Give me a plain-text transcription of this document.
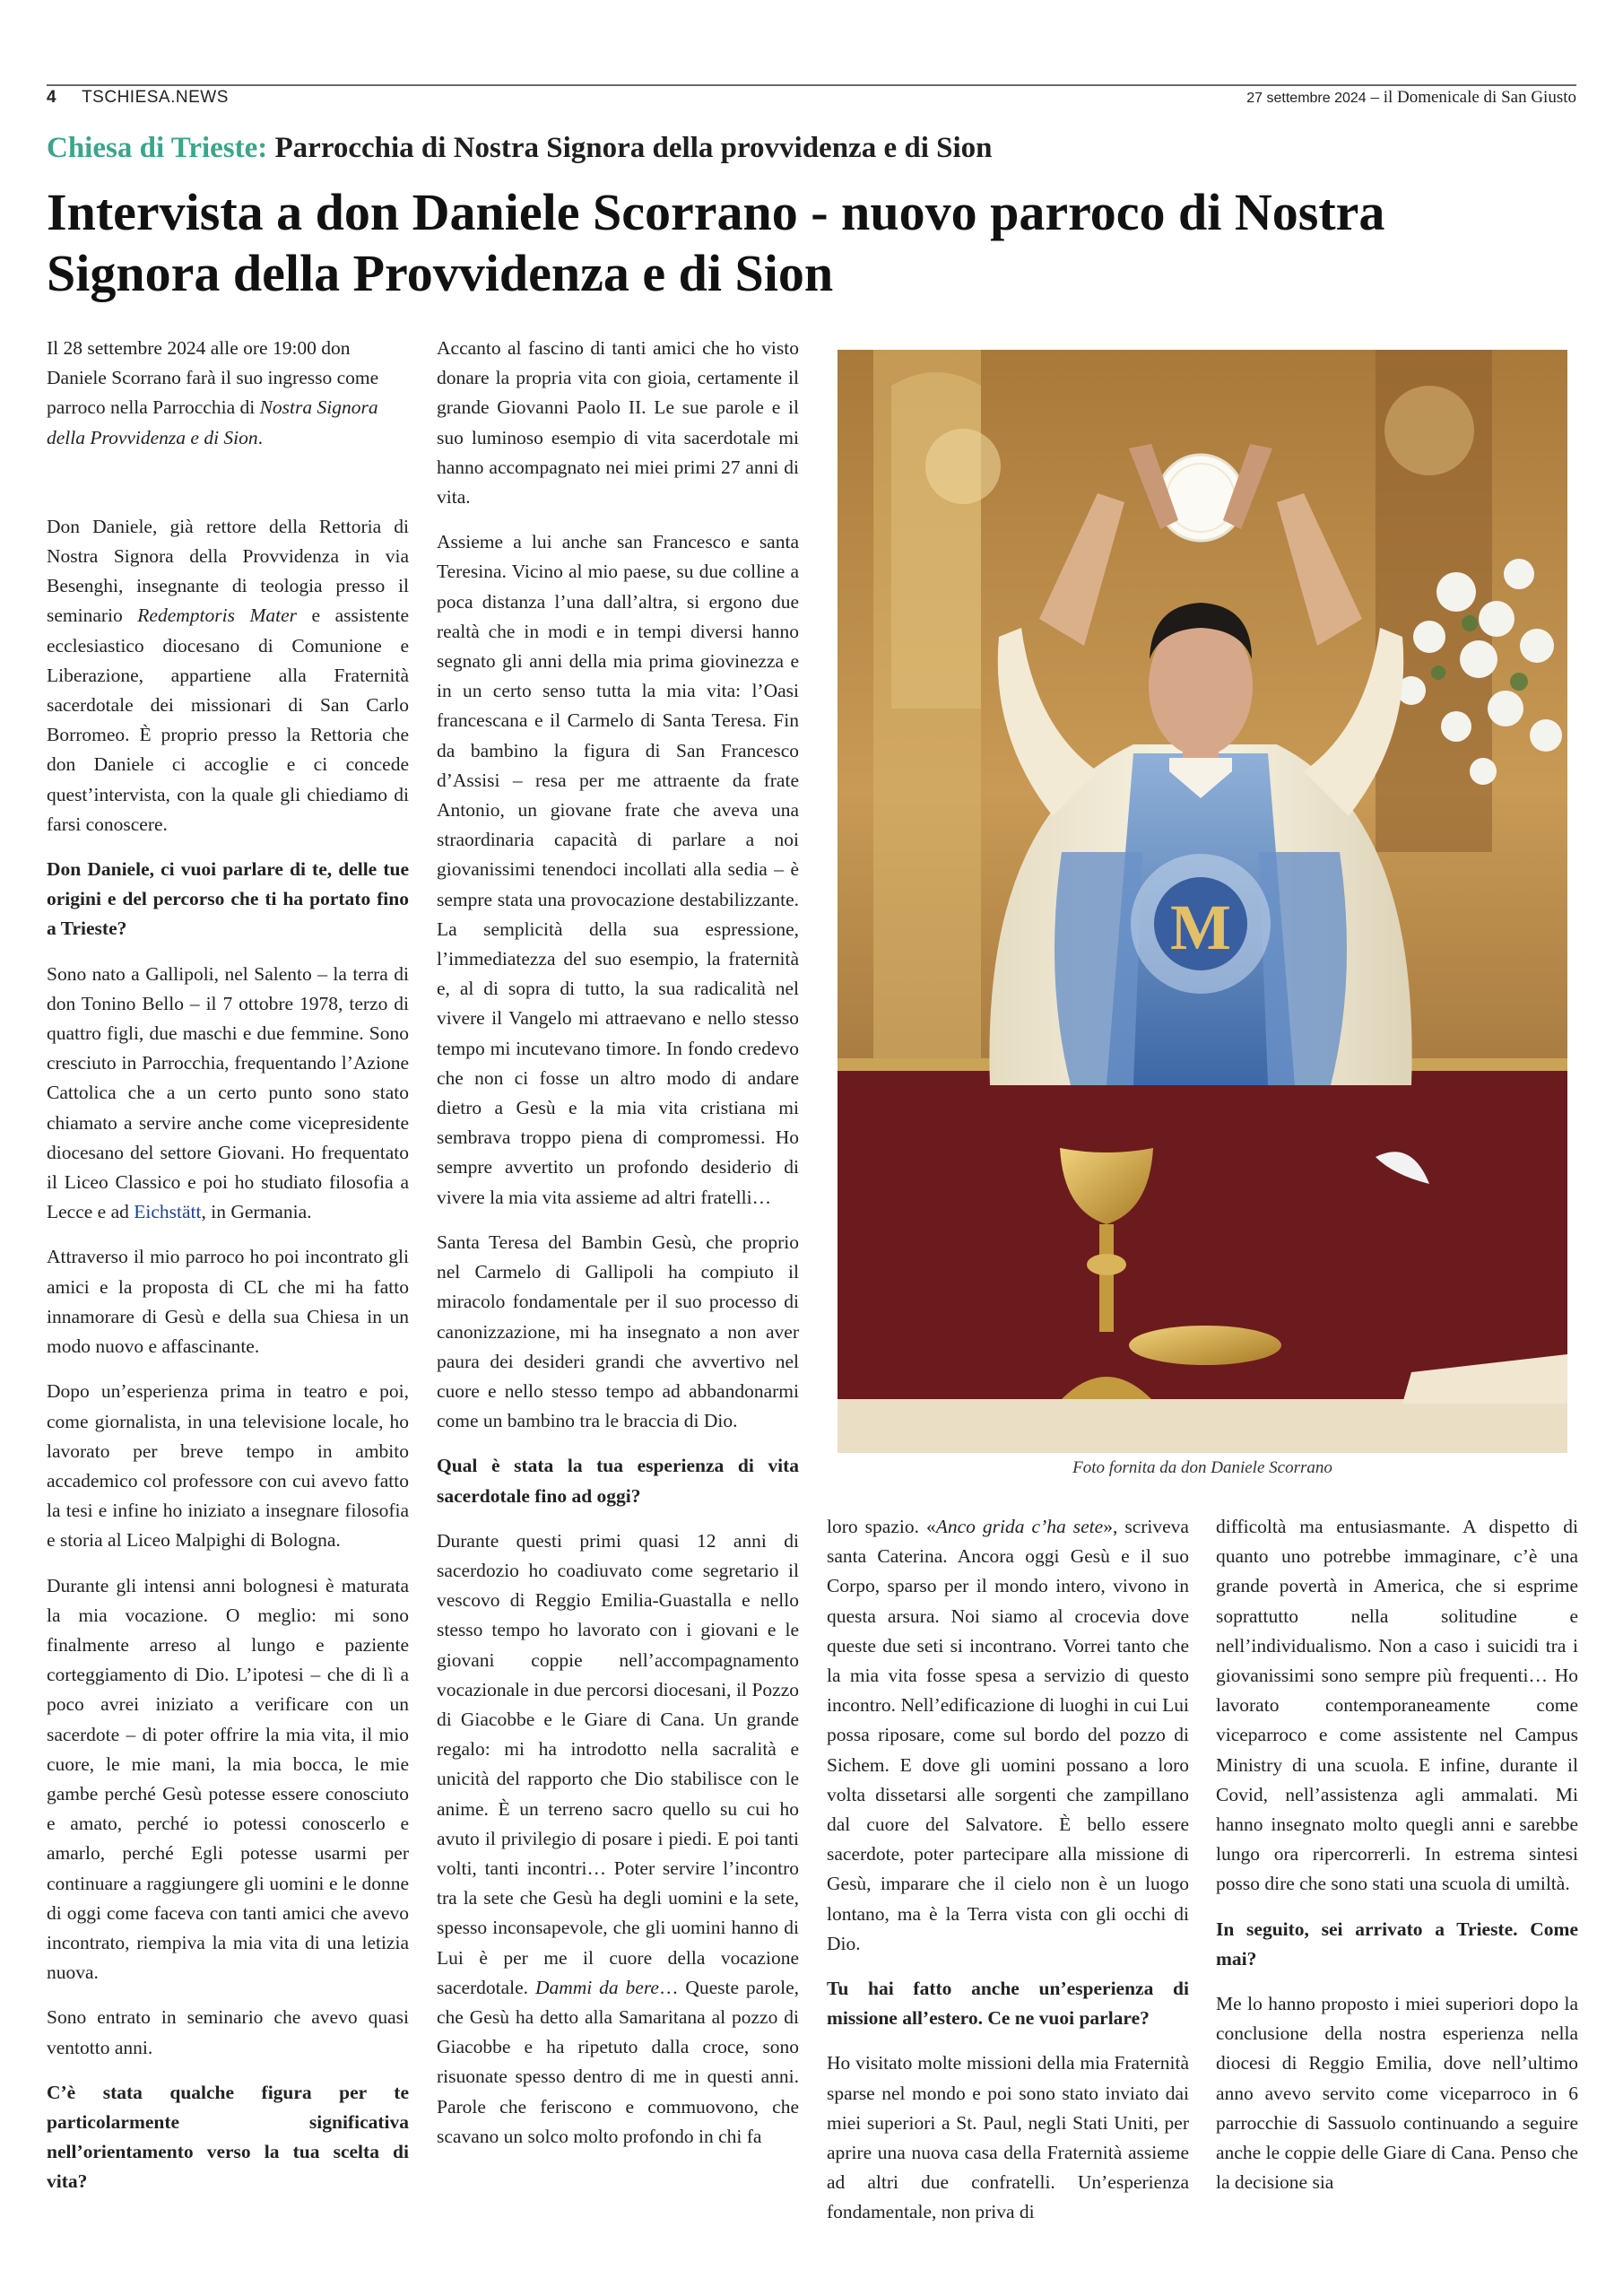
4 TSCHIESA.NEWS	27 settembre 2024 – il Domenicale di San Giusto
Chiesa di Trieste: Parrocchia di Nostra Signora della provvidenza e di Sion
Intervista a don Daniele Scorrano - nuovo parroco di Nostra
Signora della Provvidenza e di Sion

Il 28 settembre 2024 alle ore 19:00 don Daniele Scorrano farà il suo ingresso come parroco nella Parrocchia di Nostra Signora della Provvidenza e di Sion.

Don Daniele, già rettore della Rettoria di Nostra Signora della Provvidenza in via Besenghi, insegnante di teologia presso il seminario Redemptoris Mater e assistente ecclesiastico diocesano di Comunione e Liberazione, appartiene alla Fraternità sacerdotale dei missionari di San Carlo Borromeo. È proprio presso la Rettoria che don Daniele ci accoglie e ci concede quest’intervista, con la quale gli chiediamo di farsi conoscere.

Don Daniele, ci vuoi parlare di te, delle tue origini e del percorso che ti ha portato fino a Trieste?

Sono nato a Gallipoli, nel Salento – la terra di don Tonino Bello – il 7 ottobre 1978, terzo di quattro figli, due maschi e due femmine. Sono cresciuto in Parrocchia, frequentando l’Azione Cattolica che a un certo punto sono stato chiamato a servire anche come vicepresidente diocesano del settore Giovani. Ho frequentato il Liceo Classico e poi ho studiato filosofia a Lecce e ad Eichstätt, in Germania.

Attraverso il mio parroco ho poi incontrato gli amici e la proposta di CL che mi ha fatto innamorare di Gesù e della sua Chiesa in un modo nuovo e affascinante.

Dopo un’esperienza prima in teatro e poi, come giornalista, in una televisione locale, ho lavorato per breve tempo in ambito accademico col professore con cui avevo fatto la tesi e infine ho iniziato a insegnare filosofia e storia al Liceo Malpighi di Bologna.

Durante gli intensi anni bolognesi è maturata la mia vocazione. O meglio: mi sono finalmente arreso al lungo e paziente corteggiamento di Dio. L’ipotesi – che di lì a poco avrei iniziato a verificare con un sacerdote – di poter offrire la mia vita, il mio cuore, le mie mani, la mia bocca, le mie gambe perché Gesù potesse essere conosciuto e amato, perché io potessi conoscerlo e amarlo, perché Egli potesse usarmi per continuare a raggiungere gli uomini e le donne di oggi come faceva con tanti amici che avevo incontrato, riempiva la mia vita di una letizia nuova.

Sono entrato in seminario che avevo quasi ventotto anni.

C’è stata qualche figura per te particolarmente significativa nell’orientamento verso la tua scelta di vita?

Accanto al fascino di tanti amici che ho visto donare la propria vita con gioia, certamente il grande Giovanni Paolo II. Le sue parole e il suo luminoso esempio di vita sacerdotale mi hanno accompagnato nei miei primi 27 anni di vita.

Assieme a lui anche san Francesco e santa Teresina. Vicino al mio paese, su due colline a poca distanza l’una dall’altra, si ergono due realtà che in modi e in tempi diversi hanno segnato gli anni della mia prima giovinezza e in un certo senso tutta la mia vita: l’Oasi francescana e il Carmelo di Santa Teresa. Fin da bambino la figura di San Francesco d’Assisi – resa per me attraente da frate Antonio, un giovane frate che aveva una straordinaria capacità di parlare a noi giovanissimi tenendoci incollati alla sedia – è sempre stata una provocazione destabilizzante. La semplicità della sua espressione, l’immediatezza del suo esempio, la fraternità e, al di sopra di tutto, la sua radicalità nel vivere il Vangelo mi attraevano e nello stesso tempo mi incutevano timore. In fondo credevo che non ci fosse un altro modo di andare dietro a Gesù e la mia vita cristiana mi sembrava troppo piena di compromessi. Ho sempre avvertito un profondo desiderio di vivere la mia vita assieme ad altri fratelli…

Santa Teresa del Bambin Gesù, che proprio nel Carmelo di Gallipoli ha compiuto il miracolo fondamentale per il suo processo di canonizzazione, mi ha insegnato a non aver paura dei desideri grandi che avvertivo nel cuore e nello stesso tempo ad abbandonarmi come un bambino tra le braccia di Dio.

Qual è stata la tua esperienza di vita sacerdotale fino ad oggi?

Durante questi primi quasi 12 anni di sacerdozio ho coadiuvato come segretario il vescovo di Reggio Emilia-Guastalla e nello stesso tempo ho lavorato con i giovani e le giovani coppie nell’accompagnamento vocazionale in due percorsi diocesani, il Pozzo di Giacobbe e le Giare di Cana. Un grande regalo: mi ha introdotto nella sacralità e unicità del rapporto che Dio stabilisce con le anime. È un terreno sacro quello su cui ho avuto il privilegio di posare i piedi. E poi tanti volti, tanti incontri… Poter servire l’incontro tra la sete che Gesù ha degli uomini e la sete, spesso inconsapevole, che gli uomini hanno di Lui è per me il cuore della vocazione sacerdotale. Dammi da bere… Queste parole, che Gesù ha detto alla Samaritana al pozzo di Giacobbe e ha ripetuto dalla croce, sono risuonate spesso dentro di me in questi anni. Parole che feriscono e commuovono, che scavano un solco molto profondo in chi fa

M
Foto fornita da don Daniele Scorrano

loro spazio. «Anco grida c’ha sete», scriveva santa Caterina. Ancora oggi Gesù e il suo Corpo, sparso per il mondo intero, vivono in questa arsura. Noi siamo al crocevia dove queste due seti si incontrano. Vorrei tanto che la mia vita fosse spesa a servizio di questo incontro. Nell’edificazione di luoghi in cui Lui possa riposare, come sul bordo del pozzo di Sichem. E dove gli uomini possano a loro volta dissetarsi alle sorgenti che zampillano dal cuore del Salvatore. È bello essere sacerdote, poter partecipare alla missione di Gesù, imparare che il cielo non è un luogo lontano, ma è la Terra vista con gli occhi di Dio.

Tu hai fatto anche un’esperienza di missione all’estero. Ce ne vuoi parlare?

Ho visitato molte missioni della mia Fraternità sparse nel mondo e poi sono stato inviato dai miei superiori a St. Paul, negli Stati Uniti, per aprire una nuova casa della Fraternità assieme ad altri due confratelli. Un’esperienza fondamentale, non priva di

difficoltà ma entusiasmante. A dispetto di quanto uno potrebbe immaginare, c’è una grande povertà in America, che si esprime soprattutto nella solitudine e nell’individualismo. Non a caso i suicidi tra i giovanissimi sono sempre più frequenti… Ho lavorato contemporaneamente come viceparroco e come assistente nel Campus Ministry di una scuola. E infine, durante il Covid, nell’assistenza agli ammalati. Mi hanno insegnato molto quegli anni e sarebbe lungo ora ripercorrerli. In estrema sintesi posso dire che sono stati una scuola di umiltà.

In seguito, sei arrivato a Trieste. Come mai?

Me lo hanno proposto i miei superiori dopo la conclusione della nostra esperienza nella diocesi di Reggio Emilia, dove nell’ultimo anno avevo servito come viceparroco in 6 parrocchie di Sassuolo continuando a seguire anche le coppie delle Giare di Cana. Penso che la decisione sia
